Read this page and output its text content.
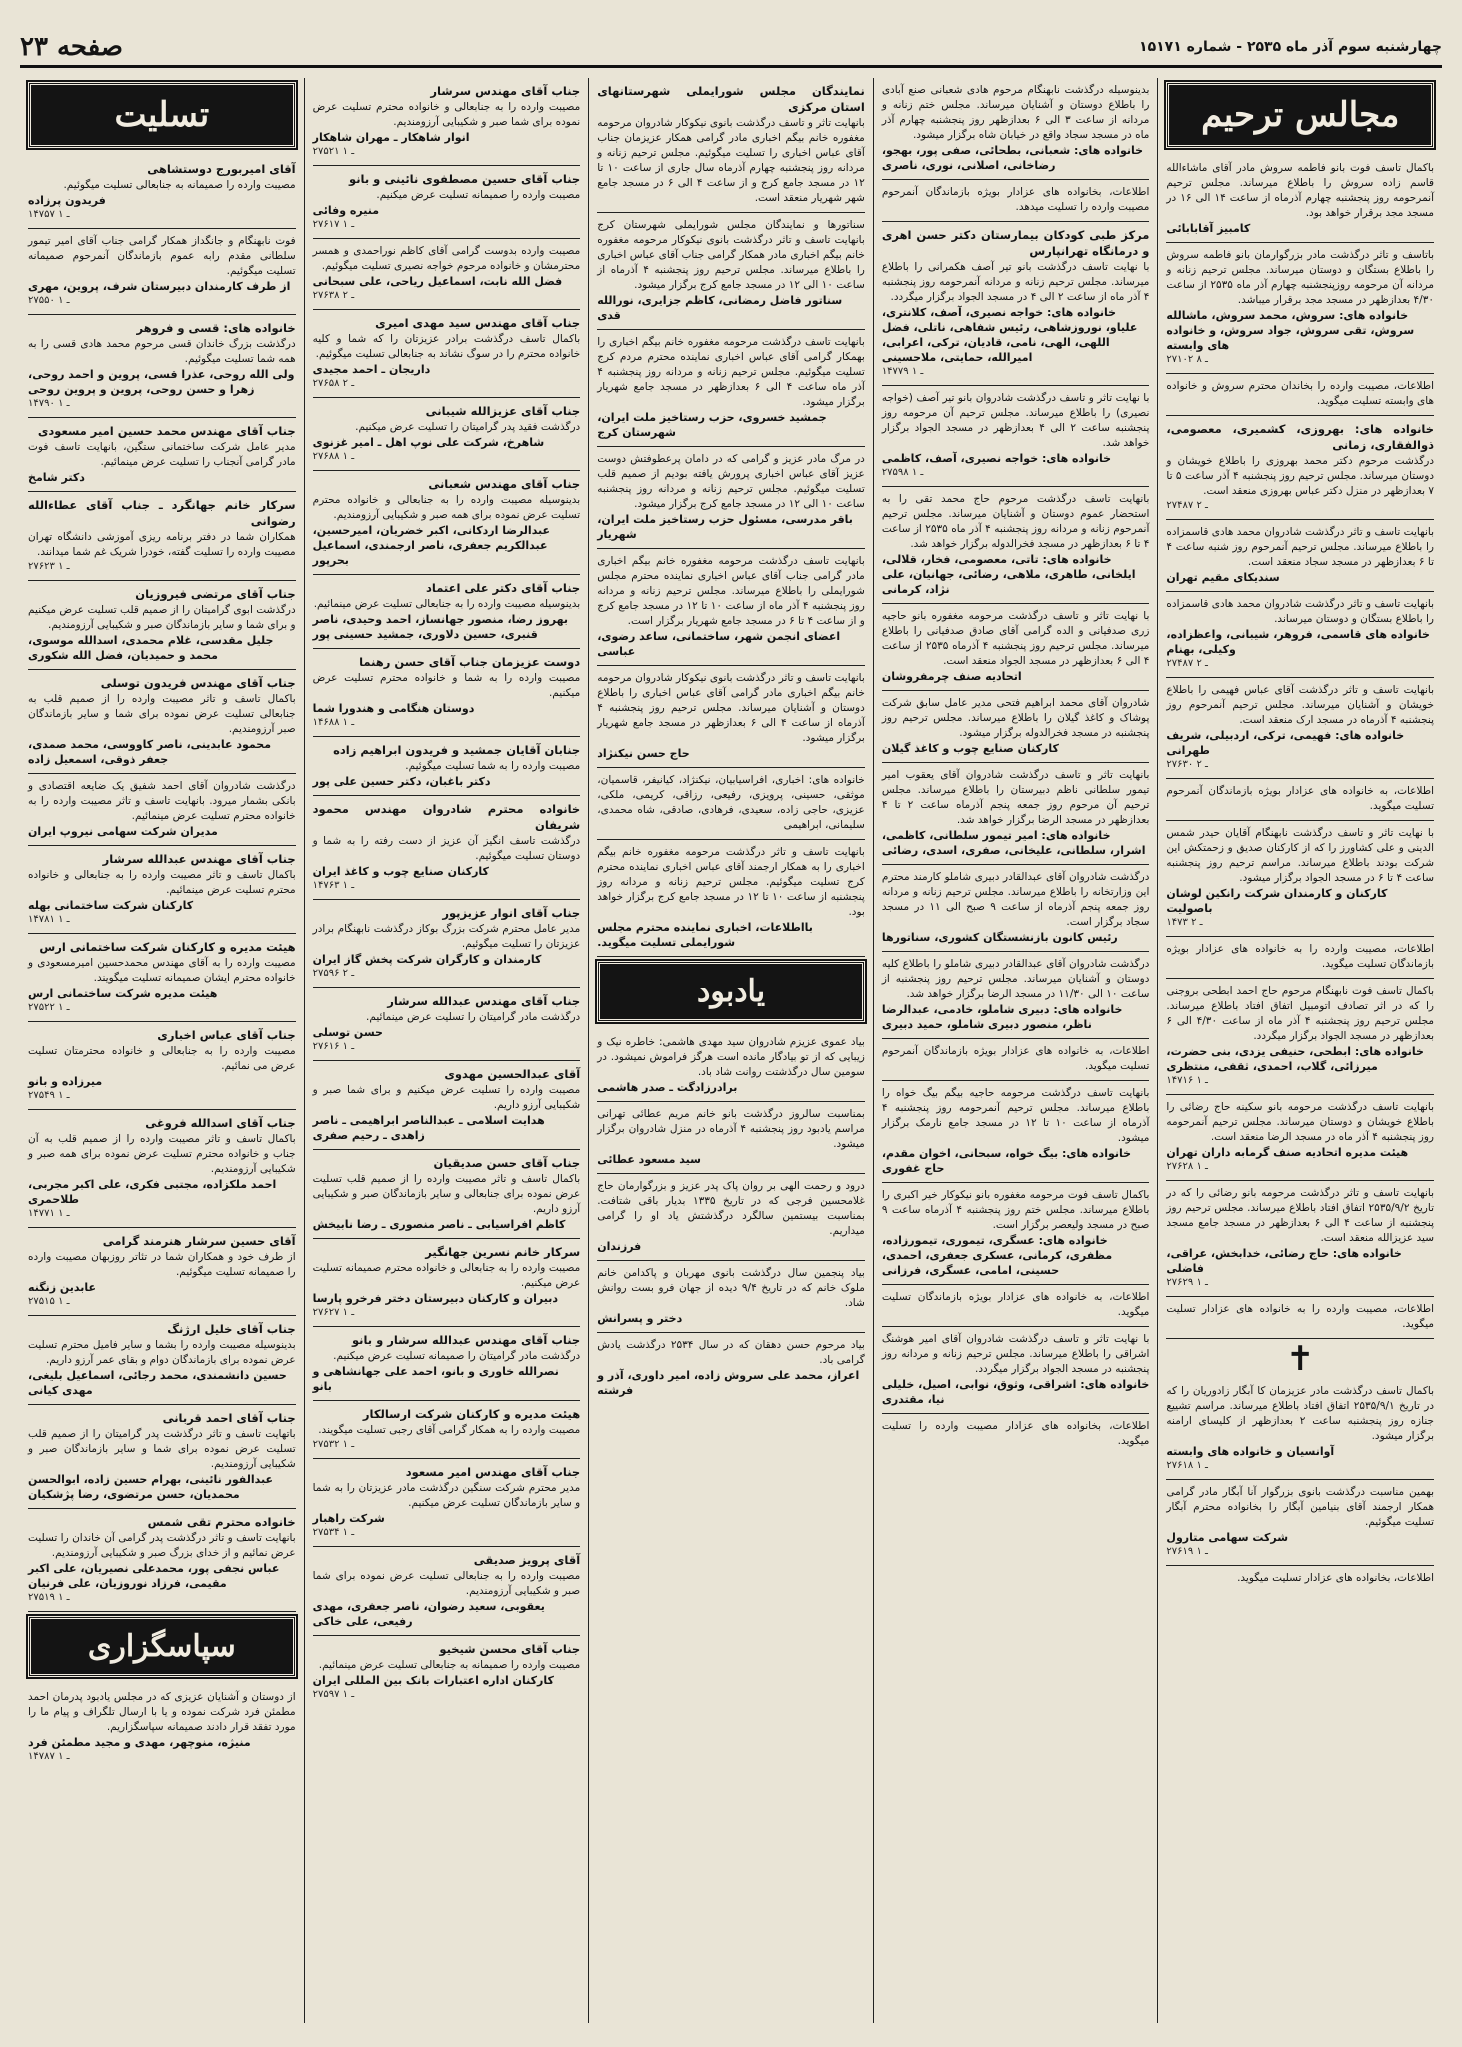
صفحه ۲۳	چهارشنبه سوم آذر ماه ۲۵۳۵ - شماره ۱۵۱۷۱
مجالس ترحيم

باکمال تاسف فوت بانو فاطمه سروش مادر آقای ماشاءالله قاسم زاده سروش را باطلاع میرساند. مجلس ترحیم آنمرحومه روز پنجشنبه چهارم آذرماه از ساعت ۱۴ الی ۱۶ در مسجد مجد برقرار خواهد بود.

کامبیز آقابابائی

باتاسف و تاثر درگذشت مادر بزرگوارمان بانو فاطمه سروش را باطلاع بستگان و دوستان میرساند. مجلس ترحیم زنانه و مردانه آن مرحومه روزپنجشنبه چهارم آذر ماه ۲۵۳۵ از ساعت ۴/۳۰ بعدازظهر در مسجد مجد برقرار میباشد.

خانواده های: سروش، محمد سروش، ماشالله سروش، تقی سروش، جواد سروش، و خانواده های وابسته

۲۷۱۰۲ ـ ۸

اطلاعات، مصیبت وارده را بخاندان محترم سروش و خانواده های وابسته تسلیت میگوید.

خانواده های: بهروزی، کشمیری، معصومی، ذوالفقاری، زمانی

درگذشت مرحوم دکتر محمد بهروزی را باطلاع خویشان و دوستان میرساند. مجلس ترحیم روز پنجشنبه ۴ آذر ساعت ۵ تا ۷ بعدازظهر در منزل دکتر عباس بهروزی منعقد است.

۲۷۴۸۷ ـ ۲

بانهایت تاسف و تاثر درگذشت شادروان محمد هادی قاسمزاده را باطلاع میرساند. مجلس ترحیم آنمرحوم روز شنبه ساعت ۴ تا ۶ بعدازظهر در مسجد سجاد منعقد است.

سندیکای مقیم تهران

بانهایت تاسف و تاثر درگذشت شادروان محمد هادی قاسمزاده را باطلاع بستگان و دوستان میرساند.

خانواده های قاسمی، فروهر، شیبانی، واعظزاده، وکیلی، بهنام

۲۷۴۸۷ ـ ۲

بانهایت تاسف و تاثر درگذشت آقای عباس فهیمی را باطلاع خویشان و آشنایان میرساند. مجلس ترحیم آنمرحوم روز پنجشنبه ۴ آذرماه در مسجد ارک منعقد است.

خانواده های: فهیمی، ترکی، اردبیلی، شریف طهرانی

۲۷۶۳۰ ـ ۲

اطلاعات، به خانواده های عزادار بویژه بازماندگان آنمرحوم تسلیت میگوید.

با نهایت تاثر و تاسف درگذشت نابهنگام آقایان حیدر شمس الدینی و علی کشاورز را که از کارکنان صدیق و زحمتکش این شرکت بودند باطلاع میرساند. مراسم ترحیم روز پنجشنبه ساعت ۴ تا ۶ در مسجد الجواد برگزار میشود.

کارکنان و کارمندان شرکت رانکین لوشان باصولیت

۱۴۷۳ ـ ۲

اطلاعات، مصیبت وارده را به خانواده های عزادار بویژه بازماندگان تسلیت میگوید.

باکمال تاسف فوت نابهنگام مرحوم حاج احمد ابطحی بروجنی را که در اثر تصادف اتومبیل اتفاق افتاد باطلاع میرساند. مجلس ترحیم روز پنجشنبه ۴ آذر ماه از ساعت ۴/۳۰ الی ۶ بعدازظهر در مسجد الجواد برگزار میگردد.

خانواده های: ابطحی، حنیفی یزدی، بنی حضرت، میرزائی، گلاب، احمدی، ثقفی، منتظری

۱۴۷۱۶ ـ ۱

بانهایت تاسف درگذشت مرحومه بانو سکینه حاج رضائی را باطلاع خویشان و دوستان میرساند. مجلس ترحیم آنمرحومه روز پنجشنبه ۴ آذر ماه در مسجد الرضا منعقد است.

هیئت مدیره اتحادیه صنف گرمابه داران تهران

۲۷۶۲۸ ـ ۱

بانهایت تاسف و تاثر درگذشت مرحومه بانو رضائی را که در تاریخ ۲۵۳۵/۹/۲ اتفاق افتاد باطلاع میرساند. مجلس ترحیم روز پنجشنبه از ساعت ۴ الی ۶ بعدازظهر در مسجد جامع مسجد سید عزیزالله منعقد است.

خانواده های: حاج رضائی، خدابخش، عراقی، فاضلی

۲۷۶۲۹ ـ ۱

اطلاعات، مصیبت وارده را به خانواده های عزادار تسلیت میگوید.

✝

باکمال تاسف درگذشت مادر عزیزمان کا آبگار زادوریان را که در تاریخ ۲۵۳۵/۹/۱ اتفاق افتاد باطلاع میرساند. مراسم تشییع جنازه روز پنجشنبه ساعت ۲ بعدازظهر از کلیسای ارامنه برگزار میشود.

آوانسیان و خانواده های وابسته

۲۷۶۱۸ ـ ۱

بهمین مناسبت درگذشت بانوی بزرگوار آنا آبگار مادر گرامی همکار ارجمند آقای بنیامین آبگار را بخانواده محترم آبگار تسلیت میگوئیم.

شرکت سهامی متارول

۲۷۶۱۹ ـ ۱

اطلاعات، بخانواده های عزادار تسلیت میگوید.

بدینوسیله درگذشت نابهنگام مرحوم هادی شعبانی صنع آبادی را باطلاع دوستان و آشنایان میرساند. مجلس ختم زنانه و مردانه از ساعت ۳ الی ۶ بعدازظهر روز پنجشنبه چهارم آذر ماه در مسجد سجاد واقع در خیابان شاه برگزار میشود.

خانواده های: شعبانی، بطحائی، صفی پور، بهجو، رضاخانی، اصلانی، نوری، ناصری

اطلاعات، بخانواده های عزادار بویژه بازماندگان آنمرحوم مصیبت وارده را تسلیت میدهد.

مرکز طبی کودکان بیمارستان دکتر حسن اهری و درمانگاه تهرانپارس

با نهایت تاسف درگذشت بانو تیر آصف هکمرانی را باطلاع میرساند. مجلس ترحیم زنانه و مردانه آنمرحومه روز پنجشنبه ۴ آذر ماه از ساعت ۲ الی ۴ در مسجد الجواد برگزار میگردد.

خانواده های: خواجه نصیری، آصف، کلانتری، علیاو، نوروزشاهی، رئیس شفاهی، ناتلی، فضل اللهی، الهی، نامی، قادیان، ترکی، اعرابی، امیرالله، حمایتی، ملاحسینی

۱۴۷۷۹ ـ ۱

با نهایت تاثر و تاسف درگذشت شادروان بانو تیر آصف (خواجه نصیری) را باطلاع میرساند. مجلس ترحیم آن مرحومه روز پنجشنبه ساعت ۲ الی ۴ بعدازظهر در مسجد الجواد برگزار خواهد شد.

خانواده های: خواجه نصیری، آصف، کاظمی

۲۷۵۹۸ ـ ۱

بانهایت تاسف درگذشت مرحوم حاج محمد تقی را به استحضار عموم دوستان و آشنایان میرساند. مجلس ترحیم آنمرحوم زنانه و مردانه روز پنجشنبه ۴ آذر ماه ۲۵۳۵ از ساعت ۴ تا ۶ بعدازظهر در مسجد فخرالدوله برگزار خواهد شد.

خانواده های: تاتی، معصومی، فخار، قلالی، ایلخانی، طاهری، ملاهی، رضائی، جهانیان، علی نژاد، کرمانی

با نهایت تاثر و تاسف درگذشت مرحومه مغفوره بانو حاجیه زری صدفیانی و الده گرامی آقای صادق صدفیانی را باطلاع میرساند. مجلس ترحیم روز پنجشنبه ۴ آذرماه ۲۵۳۵ از ساعت ۴ الی ۶ بعدازظهر در مسجد الجواد منعقد است.

اتحادیه صنف چرمفروشان

شادروان آقای محمد ابراهیم فتحی مدیر عامل سابق شرکت پوشاک و کاغذ گیلان را باطلاع میرساند. مجلس ترحیم روز پنجشنبه در مسجد فخرالدوله برگزار میشود.

کارکنان صنایع چوب و کاغذ گیلان

بانهایت تاثر و تاسف درگذشت شادروان آقای یعقوب امیر تیمور سلطانی ناظم دبیرستان را باطلاع میرساند. مجلس ترحیم آن مرحوم روز جمعه پنجم آذرماه ساعت ۲ تا ۴ بعدازظهر در مسجد الرضا برگزار خواهد شد.

خانواده های: امیر تیمور سلطانی، کاظمی، اشرار، سلطانی، علیخانی، صفری، اسدی، رضائی

درگذشت شادروان آقای عبدالقادر دبیری شاملو کارمند محترم این وزارتخانه را باطلاع میرساند. مجلس ترحیم زنانه و مردانه روز جمعه پنجم آذرماه از ساعت ۹ صبح الی ۱۱ در مسجد سجاد برگزار است.

رئیس کانون بازنشستگان کشوری، سناتورها

درگذشت شادروان آقای عبدالقادر دبیری شاملو را باطلاع کلیه دوستان و آشنایان میرساند. مجلس ترحیم روز پنجشنبه از ساعت ۱۰ الی ۱۱/۳۰ در مسجد الرضا برگزار خواهد شد.

خانواده های: دبیری شاملو، خادمی، عبدالرضا ناظر، منصور دبیری شاملو، حمید دبیری

اطلاعات، به خانواده های عزادار بویژه بازماندگان آنمرحوم تسلیت میگوید.

بانهایت تاسف درگذشت مرحومه حاجیه بیگم بیگ خواه را باطلاع میرساند. مجلس ترحیم آنمرحومه روز پنجشنبه ۴ آذرماه از ساعت ۱۰ تا ۱۲ در مسجد جامع نارمک برگزار میشود.

خانواده های: بیگ خواه، سبحانی، اخوان مقدم، حاج غفوری

باکمال تاسف فوت مرحومه مغفوره بانو نیکوکار خیر اکبری را باطلاع میرساند. مجلس ختم روز پنجشنبه ۴ آذرماه ساعت ۹ صبح در مسجد ولیعصر برگزار است.

خانواده های: عسگری، تیموری، تیمورزاده، مظفری، کرمانی، عسکری جعفری، احمدی، حسینی، امامی، عسگری، فرزانی

اطلاعات، به خانواده های عزادار بویژه بازماندگان تسلیت میگوید.

با نهایت تاثر و تاسف درگذشت شادروان آقای امیر هوشنگ اشراقی را باطلاع میرساند. مجلس ترحیم زنانه و مردانه روز پنجشنبه در مسجد الجواد برگزار میگردد.

خانواده های: اشراقی، وثوق، نوابی، اصیل، خلیلی نیا، مقتدری

اطلاعات، بخانواده های عزادار مصیبت وارده را تسلیت میگوید.

نمایندگان مجلس شورایملی شهرستانهای استان مرکزی

بانهایت تاثر و تاسف درگذشت بانوی نیکوکار شادروان مرحومه مغفوره خانم بیگم اخباری مادر گرامی همکار عزیزمان جناب آقای عباس اخباری را تسلیت میگوئیم. مجلس ترحیم زنانه و مردانه روز پنجشنبه چهارم آذرماه سال جاری از ساعت ۱۰ تا ۱۲ در مسجد جامع کرج و از ساعت ۴ الی ۶ در مسجد جامع شهر شهریار منعقد است.

سناتورها و نمایندگان مجلس شورایملی شهرستان کرج بانهایت تاسف و تاثر درگذشت بانوی نیکوکار مرحومه مغفوره خانم بیگم اخباری مادر همکار گرامی جناب آقای عباس اخباری را باطلاع میرساند. مجلس ترحیم روز پنجشنبه ۴ آذرماه از ساعت ۱۰ الی ۱۲ در مسجد جامع کرج برگزار میشود.

سناتور فاضل رمضانی، کاظم جزایری، نورالله قدی

بانهایت تاسف درگذشت مرحومه مغفوره خانم بیگم اخباری را بهمکار گرامی آقای عباس اخباری نماینده محترم مردم کرج تسلیت میگوئیم. مجلس ترحیم زنانه و مردانه روز پنجشنبه ۴ آذر ماه ساعت ۴ الی ۶ بعدازظهر در مسجد جامع شهریار برگزار میشود.

جمشید خسروی، حزب رستاخیز ملت ایران، شهرستان کرج

در مرگ مادر عزیز و گرامی که در دامان پرعطوفتش دوست عزیز آقای عباس اخباری پرورش یافته بودیم از صمیم قلب تسلیت میگوئیم. مجلس ترحیم زنانه و مردانه روز پنجشنبه ساعت ۱۰ الی ۱۲ در مسجد جامع کرج برگزار میشود.

باقر مدرسی، مسئول حزب رستاخیز ملت ایران، شهریار

بانهایت تاسف درگذشت مرحومه مغفوره خانم بیگم اخباری مادر گرامی جناب آقای عباس اخباری نماینده محترم مجلس شورایملی را باطلاع میرساند. مجلس ترحیم زنانه و مردانه روز پنجشنبه ۴ آذر ماه از ساعت ۱۰ تا ۱۲ در مسجد جامع کرج و از ساعت ۴ تا ۶ در مسجد جامع شهریار برگزار است.

اعضای انجمن شهر، ساختمانی، ساعد رضوی، عباسی

بانهایت تاسف و تاثر درگذشت بانوی نیکوکار شادروان مرحومه خانم بیگم اخباری مادر گرامی آقای عباس اخباری را باطلاع دوستان و آشنایان میرساند. مجلس ترحیم روز پنجشنبه ۴ آذرماه از ساعت ۴ الی ۶ بعدازظهر در مسجد جامع شهریار برگزار میشود.

حاج حسن نیکنژاد

خانواده های: اخباری، افراسیابیان، نیکنژاد، کیانیفر، قاسمیان، موثقی، حسینی، پرویزی، رفیعی، رزاقی، کریمی، ملکی، عزیزی، حاجی زاده، سعیدی، فرهادی، صادقی، شاه محمدی، سلیمانی، ابراهیمی

بانهایت تاسف و تاثر درگذشت مرحومه مغفوره خانم بیگم اخباری را به همکار ارجمند آقای عباس اخباری نماینده محترم کرج تسلیت میگوئیم. مجلس ترحیم زنانه و مردانه روز پنجشنبه از ساعت ۱۰ تا ۱۲ در مسجد جامع کرج برگزار خواهد بود.

بااطلاعات، اخباری نماینده محترم مجلس شورایملی تسلیت میگوید.

يادبود

بیاد عموی عزیزم شادروان سید مهدی هاشمی: خاطره نیک و زیبایی که از تو بیادگار مانده است هرگز فراموش نمیشود. در سومین سال درگذشتت روانت شاد باد.

برادرزادگت ـ صدر هاشمی

بمناسبت سالروز درگذشت بانو خانم مریم عطائی تهرانی مراسم یادبود روز پنجشنبه ۴ آذرماه در منزل شادروان برگزار میشود.

سید مسعود عطائی

درود و رحمت الهی بر روان پاک پدر عزیز و بزرگوارمان حاج غلامحسین فرجی که در تاریخ ۱۳۳۵ بدیار باقی شتافت. بمناسبت بیستمین سالگرد درگذشتش یاد او را گرامی میداریم.

فرزندان

بیاد پنجمین سال درگذشت بانوی مهربان و پاکدامن خانم ملوک خانم که در تاریخ ۹/۴ دیده از جهان فرو بست روانش شاد.

دختر و پسرانش

بیاد مرحوم حسن دهقان که در سال ۲۵۳۴ درگذشت یادش گرامی باد.

اعراز، محمد علی سروش زاده، امیر داوری، آذر و فرشته

جناب آقای مهندس سرشار

مصیبت وارده را به جنابعالی و خانواده محترم تسلیت عرض نموده برای شما صبر و شکیبایی آرزومندیم.

انوار شاهکار ـ مهران شاهکار

۲۷۵۲۱ ـ ۱

جناب آقای حسین مصطفوی نائینی و بانو

مصیبت وارده را صمیمانه تسلیت عرض میکنیم.

منیره وفائی

۲۷۶۱۷ ـ ۱

مصیبت وارده بدوست گرامی آقای کاظم نوراحمدی و همسر محترمشان و خانواده مرحوم خواجه نصیری تسلیت میگوئیم.

فضل الله نابت، اسماعیل ریاحی، علی سبحانی

۲۷۶۳۸ ـ ۲

جناب آقای مهندس سید مهدی امیری

باکمال تاسف درگذشت برادر عزیزتان را که شما و کلیه خانواده محترم را در سوگ نشاند به جنابعالی تسلیت میگوئیم.

داریجان ـ احمد مجیدی

۲۷۶۵۸ ـ ۲

جناب آقای عزیزالله شیبانی

درگذشت فقید پدر گرامیتان را تسلیت عرض میکنیم.

شاهرخ، شرکت علی نوپ اهل ـ امیر غزنوی

۲۷۶۸۸ ـ ۱

جناب آقای مهندس شعبانی

بدینوسیله مصیبت وارده را به جنابعالی و خانواده محترم تسلیت عرض نموده برای همه صبر و شکیبایی آرزومندیم.

عبدالرضا اردکانی، اکبر خضریان، امیرحسین، عبدالکریم جعفری، ناصر ارجمندی، اسماعیل بحرپور

جناب آقای دکتر علی اعتماد

بدینوسیله مصیبت وارده را به جنابعالی تسلیت عرض مینمائیم.

بهروز رضا، منصور جهانساز، احمد وحیدی، ناصر قنبری، حسین دلاوری، جمشید حسینی پور

دوست عزیزمان جناب آقای حسن رهنما

مصیبت وارده را به شما و خانواده محترم تسلیت عرض میکنیم.

دوستان هنگامی و هندورا شما

۱۴۶۸۸ ـ ۱

جنابان آقایان جمشید و فریدون ابراهیم زاده

مصیبت وارده را به شما تسلیت میگوئیم.

دکتر باغبان، دکتر حسین علی پور

خانواده محترم شادروان مهندس محمود شریفان

درگذشت تاسف انگیز آن عزیز از دست رفته را به شما و دوستان تسلیت میگوئیم.

کارکنان صنایع چوب و کاغذ ایران

۱۴۷۶۳ ـ ۱

جناب آقای انوار عزیزپور

مدیر عامل محترم شرکت بزرگ بوکاز درگذشت نابهنگام برادر عزیزتان را تسلیت میگوئیم.

کارمندان و کارگران شرکت پخش گاز ایران

۲۷۵۹۶ ـ ۲

جناب آقای مهندس عبدالله سرشار

درگذشت مادر گرامیتان را تسلیت عرض مینمائیم.

حسن توسلی

۲۷۶۱۶ ـ ۱

آقای عبدالحسین مهدوی

مصیبت وارده را تسلیت عرض میکنیم و برای شما صبر و شکیبایی آرزو داریم.

هدایت اسلامی ـ عبدالناصر ابراهیمی ـ ناصر زاهدی ـ رحیم صفری

جناب آقای حسن صدیقیان

باکمال تاسف و تاثر مصیبت وارده را از صمیم قلب تسلیت عرض نموده برای جنابعالی و سایر بازماندگان صبر و شکیبایی آرزو داریم.

کاظم افراسیابی ـ ناصر منصوری ـ رضا نابیخش

سرکار خانم نسرین جهانگیر

مصیبت وارده را به جنابعالی و خانواده محترم صمیمانه تسلیت عرض میکنیم.

دبیران و کارکنان دبیرستان دختر فرخرو پارسا

۲۷۶۲۷ ـ ۱

جناب آقای مهندس عبدالله سرشار و بانو

درگذشت مادر گرامیتان را صمیمانه تسلیت عرض میکنیم.

نصرالله خاوری و بانو، احمد علی جهانشاهی و بانو

هیئت مدیره و کارکنان شرکت ارسالکار

مصیبت وارده را به همکار گرامی آقای رجبی تسلیت میگویند.

۲۷۵۳۲ ـ ۱

جناب آقای مهندس امیر مسعود

مدیر محترم شرکت سنگین درگذشت مادر عزیزتان را به شما و سایر بازماندگان تسلیت عرض میکنیم.

شرکت راهبار

۲۷۵۳۴ ـ ۱

آقای پرویز صدیقی

مصیبت وارده را به جنابعالی تسلیت عرض نموده برای شما صبر و شکیبایی آرزومندیم.

یعقوبی، سعید رضوان، ناصر جعفری، مهدی رفیعی، علی خاکی

جناب آقای محسن شیخیو

مصیبت وارده را صمیمانه به جنابعالی تسلیت عرض مینمائیم.

کارکنان اداره اعتبارات بانک بین المللی ایران

۲۷۵۹۷ ـ ۱

تسلیت

آقای امیربورج دوستشاهی

مصیبت وارده را صمیمانه به جنابعالی تسلیت میگوئیم.

فریدون پرزاده

۱۴۷۵۷ ـ ۱

فوت نابهنگام و جانگداز همکار گرامی جناب آقای امیر تیمور سلطانی مقدم رابه عموم بازماندگان آنمرحوم صمیمانه تسلیت میگوئیم.

از طرف کارمندان دبیرستان شرف، پروین، مهری

۲۷۵۵۰ ـ ۱

خانواده های: قسی و فروهر

درگذشت بزرگ خاندان قسی مرحوم محمد هادی قسی را به همه شما تسلیت میگوئیم.

ولی الله روحی، عذرا قسی، پروین و احمد روحی، زهرا و حسن روحی، پروین و پروین روحی

۱۴۷۹۰ ـ ۱

جناب آقای مهندس محمد حسین امیر مسعودی

مدیر عامل شرکت ساختمانی ستگین، بانهایت تاسف فوت مادر گرامی آنجناب را تسلیت عرض مینمائیم.

دکتر شامخ

سرکار خانم جهانگرد ـ جناب آقای عطاءالله رضوانی

همکاران شما در دفتر برنامه ریزی آموزشی دانشگاه تهران مصیبت وارده را تسلیت گفته، خودرا شریک غم شما میدانند.

۲۷۶۲۳ ـ ۱

جناب آقای مرتضی فیروزیان

درگذشت ابوی گرامیتان را از صمیم قلب تسلیت عرض میکنیم و برای شما و سایر بازماندگان صبر و شکیبایی آرزومندیم.

جلیل مقدسی، غلام محمدی، اسدالله موسوی، محمد و حمیدیان، فضل الله شکوری

جناب آقای مهندس فریدون توسلی

باکمال تاسف و تاثر مصیبت وارده را از صمیم قلب به جنابعالی تسلیت عرض نموده برای شما و سایر بازماندگان صبر آرزومندیم.

محمود عابدینی، ناصر کاووسی، محمد صمدی، جعفر ذوقی، اسمعیل زاده

درگذشت شادروان آقای احمد شفیق یک ضایعه اقتصادی و بانکی بشمار میرود. بانهایت تاسف و تاثر مصیبت وارده را به خانواده محترم تسلیت عرض مینمائیم.

مدیران شرکت سهامی نیروپ ایران

جناب آقای مهندس عبدالله سرشار

باکمال تاسف و تاثر مصیبت وارده را به جنابعالی و خانواده محترم تسلیت عرض مینمائیم.

کارکنان شرکت ساختمانی بهله

۱۴۷۸۱ ـ ۱

هیئت مدیره و کارکنان شرکت ساختمانی ارس

مصیبت وارده را به آقای مهندس محمدحسین امیرمسعودی و خانواده محترم ایشان صمیمانه تسلیت میگویند.

هیئت مدیره شرکت ساختمانی ارس

۲۷۵۲۲ ـ ۱

جناب آقای عباس اخباری

مصیبت وارده را به جنابعالی و خانواده محترمتان تسلیت عرض می نمائیم.

میرزاده و بانو

۲۷۵۴۹ ـ ۱

جناب آقای اسدالله فروغی

باکمال تاسف و تاثر مصیبت وارده را از صمیم قلب به آن جناب و خانواده محترم تسلیت عرض نموده برای همه صبر و شکیبایی آرزومندیم.

احمد ملکزاده، مجتبی فکری، علی اکبر مجربی، طلاحمری

۱۴۷۷۱ ـ ۱

آقای حسین سرشار هنرمند گرامی

از طرف خود و همکاران شما در تئاتر روزبهان مصیبت وارده را صمیمانه تسلیت میگوئیم.

عابدین زنگنه

۲۷۵۱۵ ـ ۱

جناب آقای خلیل ارژنگ

بدینوسیله مصیبت وارده را بشما و سایر فامیل محترم تسلیت عرض نموده برای بازماندگان دوام و بقای عمر آرزو داریم.

حسین دانشمندی، محمد رجائی، اسماعیل بلیغی، مهدی کیانی

جناب آقای احمد قربانی

باتهایت تاسف و تاثر درگذشت پدر گرامیتان را از صمیم قلب تسلیت عرض نموده برای شما و سایر بازماندگان صبر و شکیبایی آرزومندیم.

عبدالفور نائینی، بهرام حسین زاده، ابوالحسن محمدیان، حسن مرتضوی، رضا پژشکیان

خانواده محترم تقی شمس

بانهایت تاسف و تاثر درگذشت پدر گرامی آن خاندان را تسلیت عرض نمائیم و از خدای بزرگ صبر و شکیبایی آرزومندیم.

عباس نجفی پور، محمدعلی نصیریان، علی اکبر مقیمی، فرزاد نوروزیان، علی فرنیان

۲۷۵۱۹ ـ ۱

سپاسگزاری

از دوستان و آشنایان عزیزی که در مجلس یادبود پدرمان احمد مطمئن فرد شرکت نموده و یا با ارسال تلگراف و پیام ما را مورد تفقد قرار دادند صمیمانه سپاسگزاریم.

منیژه، منوچهر، مهدی و مجید مطمئن فرد

۱۴۷۸۷ ـ ۱
